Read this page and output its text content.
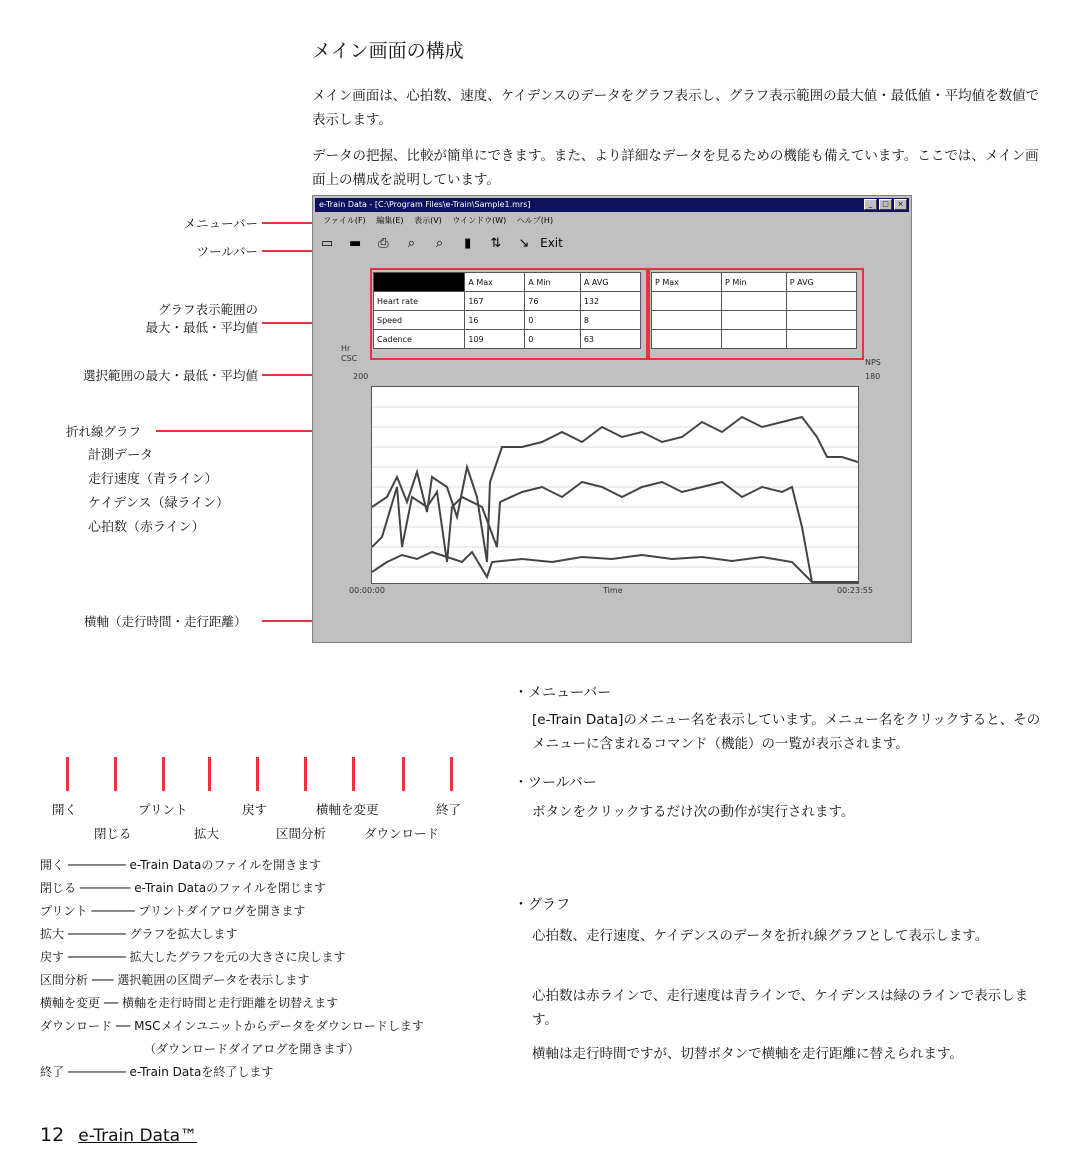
メイン画面の構成
メイン画面は、心拍数、速度、ケイデンスのデータをグラフ表示し、グラフ表示範囲の最大値・最低値・平均値を数値で表示します。
データの把握、比較が簡単にできます。また、より詳細なデータを見るための機能も備えています。ここでは、メイン画面上の構成を説明しています。
メニューバー
ツールバー
グラフ表示範囲の
最大・最低・平均値
選択範囲の最大・最低・平均値
折れ線グラフ
計測データ
走行速度（青ライン）
ケイデンス（緑ライン）
心拍数（赤ライン）
横軸（走行時間・走行距離）
e-Train Data - [C:\Program Files\e-Train\Sample1.mrs]	_	□	×
ファイル(F) 編集(E) 表示(V) ウインドウ(W) ヘルプ(H)
▭ ▬ ⎙ ⌕ ⌕ ▮ ⇅ ↘ Exit
	A Max	A Min	A AVG
Heart rate	167	76	132
Speed	16	0	8
Cadence	109	0	63
P Max	P Min	P AVG

Hr
CSC
200
NPS
180
00:00:00	Time	00:23:55
開く
閉じる
プリント
拡大
戻す
区間分析
横軸を変更
ダウンロード
終了
開く ──────── e-Train Dataのファイルを開きます
閉じる ─────── e-Train Dataのファイルを閉じます
プリント ────── プリントダイアログを開きます
拡大 ──────── グラフを拡大します
戻す ──────── 拡大したグラフを元の大きさに戻します
区間分析 ─── 選択範囲の区間データを表示します
横軸を変更 ── 横軸を走行時間と走行距離を切替えます
ダウンロード ── MSCメインユニットからデータをダウンロードします
（ダウンロードダイアログを開きます）
終了 ──────── e-Train Dataを終了します
・メニューバー
[e-Train Data]のメニュー名を表示しています。メニュー名をクリックすると、そのメニューに含まれるコマンド（機能）の一覧が表示されます。
・ツールバー
ボタンをクリックするだけ次の動作が実行されます。
・グラフ
心拍数、走行速度、ケイデンスのデータを折れ線グラフとして表示します。
心拍数は赤ラインで、走行速度は青ラインで、ケイデンスは緑のラインで表示します。
横軸は走行時間ですが、切替ボタンで横軸を走行距離に替えられます。
12 e-Train Data™
